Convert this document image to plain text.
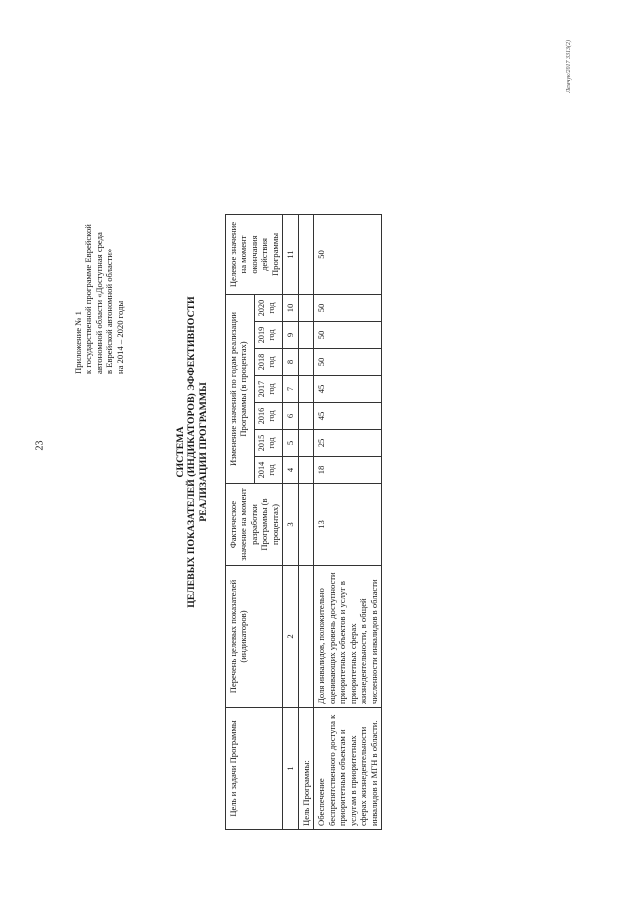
23
Приложение № 1 к государственной программе Еврейской автономной области «Доступная среда в Еврейской автономной области» на 2014 – 2020 годы
СИСТЕМА ЦЕЛЕВЫХ ПОКАЗАТЕЛЕЙ (ИНДИКАТОРОВ) ЭФФЕКТИВНОСТИ РЕАЛИЗАЦИИ ПРОГРАММЫ
Цель и задачи Программы	Перечень целевых показателей (индикаторов)	Фактическое значение на момент разработки Программы (в процентах)	Изменение значений по годам реализации Программы (в процентах)							Целевое значение на момент окончания действия Программы
			2014 год	2015 год	2016 год	2017 год	2018 год	2019 год	2020 год	
1	2	3	4	5	6	7	8	9	10	11
Цель Программы:										
Обеспечение беспрепятственного доступа к приоритетным объектам и услугам в приоритетных сферах жизнедеятельности инвалидов и МГН в области.	Доля инвалидов, положительно оценивающих уровень доступности приоритетных объектов и услуг в приоритетных сферах жизнедеятельности, в общей численности инвалидов в области	13	18	25	45	45	50	50	50	50
Лемчук/2017 3313(2)
